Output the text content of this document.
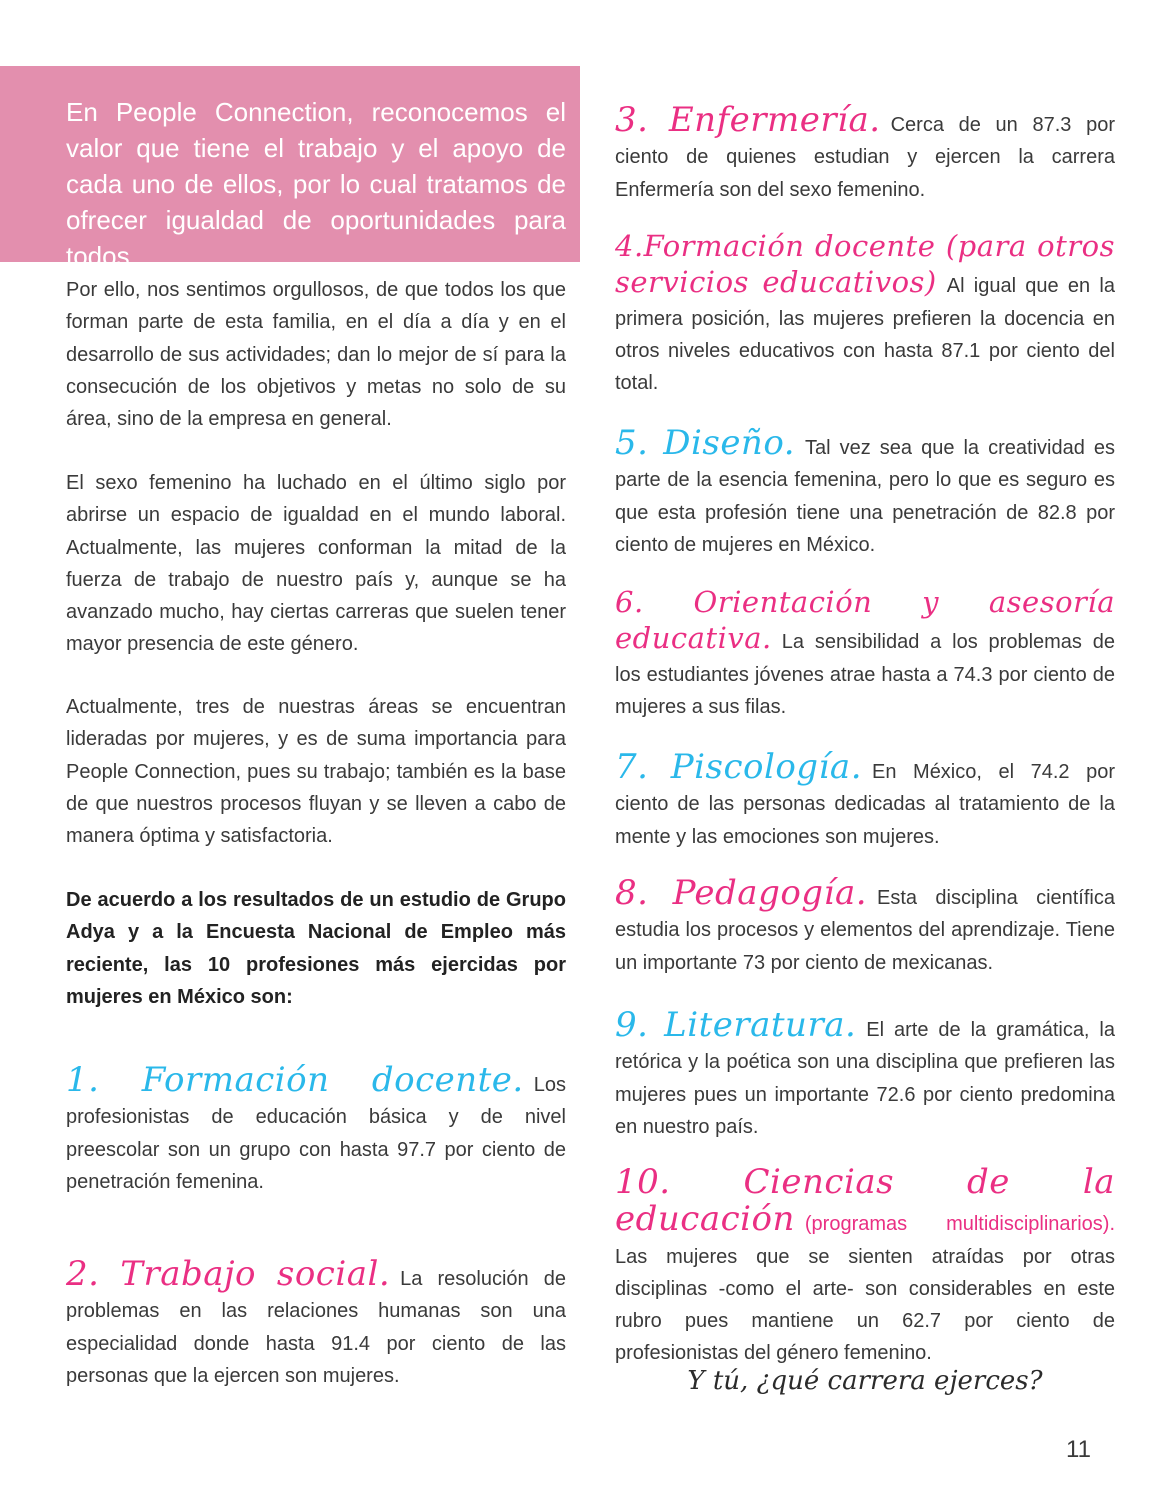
En People Connection, reconocemos el valor que tiene el trabajo y el apoyo de cada uno de ellos, por lo cual tratamos de ofrecer igualdad de oportunidades para todos.

Por ello, nos sentimos orgullosos, de que todos los que forman parte de esta familia, en el día a día y en el desarrollo de sus actividades; dan lo mejor de sí para la consecución de los objetivos y metas no solo de su área, sino de la empresa en general.

El sexo femenino ha luchado en el último siglo por abrirse un espacio de igualdad en el mundo laboral. Actualmente, las mujeres conforman la mitad de la fuerza de trabajo de nuestro país y, aunque se ha avanzado mucho, hay ciertas carreras que suelen tener mayor presencia de este género.

Actualmente, tres de nuestras áreas se encuentran lideradas por mujeres, y es de suma importancia para People Connection, pues su trabajo; también es la base de que nuestros procesos fluyan y se lleven a cabo de manera óptima y satisfactoria.

De acuerdo a los resultados de un estudio de Grupo Adya y a la Encuesta Nacional de Empleo más reciente, las 10 profesiones más ejercidas por mujeres en México son:

1. Formación docente. Los profesionistas de educación básica y de nivel preescolar son un grupo con hasta 97.7 por ciento de penetración femenina.

2. Trabajo social. La resolución de problemas en las relaciones humanas son una especialidad donde hasta 91.4 por ciento de las personas que la ejercen son mujeres.

3. Enfermería. Cerca de un 87.3 por ciento de quienes estudian y ejercen la carrera Enfermería son del sexo femenino.

4.Formación docente (para otros servicios educativos) Al igual que en la primera posición, las mujeres prefieren la docencia en otros niveles educativos con hasta 87.1 por ciento del total.

5. Diseño. Tal vez sea que la creatividad es parte de la esencia femenina, pero lo que es seguro es que esta profesión tiene una penetración de 82.8 por ciento de mujeres en México.

6. Orientación y asesoría educativa. La sensibilidad a los problemas de los estudiantes jóvenes atrae hasta a 74.3 por ciento de mujeres a sus filas.

7. Piscología. En México, el 74.2 por ciento de las personas dedicadas al tratamiento de la mente y las emociones son mujeres.

8. Pedagogía. Esta disciplina científica estudia los procesos y elementos del aprendizaje. Tiene un importante 73 por ciento de mexicanas.

9. Literatura. El arte de la gramática, la retórica y la poética son una disciplina que prefieren las mujeres pues un importante 72.6 por ciento predomina en nuestro país.

10. Ciencias de la educación (programas multidisciplinarios). Las mujeres que se sienten atraídas por otras disciplinas -como el arte- son considerables en este rubro pues mantiene un 62.7 por ciento de profesionistas del género femenino.

Y tú, ¿qué carrera ejerces?
11
